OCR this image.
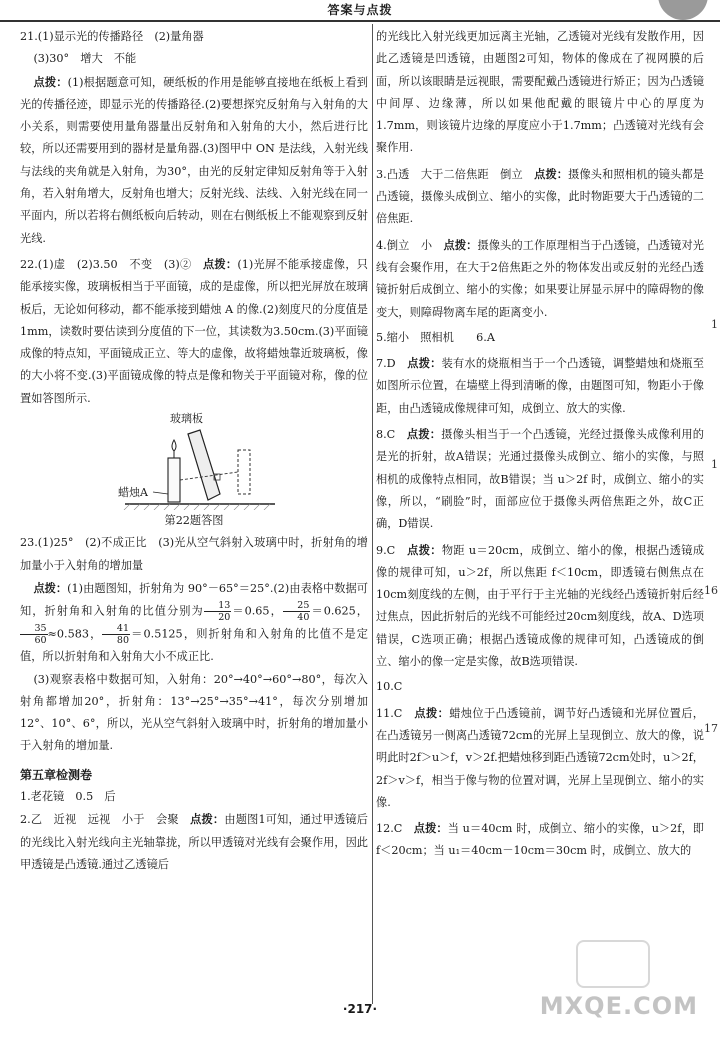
答案与点拨

21.(1)显示光的传播路径　(2)量角器

(3)30°　增大　不能

点拨：(1)根据题意可知，硬纸板的作用是能够直接地在纸板上看到光的传播径迹，即显示光的传播路径.(2)要想探究反射角与入射角的大小关系，则需要使用量角器量出反射角和入射角的大小，然后进行比较，所以还需要用到的器材是量角器.(3)图甲中 ON 是法线，入射光线与法线的夹角就是入射角，为30°，由光的反射定律知反射角等于入射角，若入射角增大，反射角也增大；反射光线、法线、入射光线在同一平面内，所以若将右侧纸板向后转动，则在右侧纸板上不能观察到反射光线.

22.(1)虚　(2)3.50　不变　(3)②　点拨：(1)光屏不能承接虚像，只能承接实像，玻璃板相当于平面镜，成的是虚像，所以把光屏放在玻璃板后，无论如何移动，都不能承接到蜡烛 A 的像.(2)刻度尺的分度值是1mm，读数时要估读到分度值的下一位，其读数为3.50cm.(3)平面镜成像的特点知，平面镜成正立、等大的虚像，故将蜡烛靠近玻璃板，像的大小将不变.(3)平面镜成像的特点是像和物关于平面镜对称，像的位置如答图所示.

玻璃板
蜡烛A

第22题答图

23.(1)25°　(2)不成正比　(3)光从空气斜射入玻璃中时，折射角的增加量小于入射角的增加量

点拨：(1)由题图知，折射角为 90°－65°＝25°.(2)由表格中数据可知，折射角和入射角的比值分别为 $\frac{13}{20} =0.65$， $\frac{25}{40} =0.625$，
$\frac{35}{60} \approx 0.583$， $\frac{41}{80} =0.5125$，则折射角和入射角的比值不是定值，所以折射角和入射角大小不成正比.

(3)观察表格中数据可知，入射角：20°→40°→60°→80°，每次入射角都增加20°，折射角：13°→25°→35°→41°，每次分别增加12°、10°、6°，所以，光从空气斜射入玻璃中时，折射角的增加量小于入射角的增加量.

第五章检测卷

1.老花镜　0.5　后

2.乙　近视　远视　小于　会聚　点拨：由题图1可知，通过甲透镜后的光线比入射光线向主光轴靠拢，所以甲透镜对光线有会聚作用，因此甲透镜是凸透镜.通过乙透镜后

的光线比入射光线更加远离主光轴，乙透镜对光线有发散作用，因此乙透镜是凹透镜，由题图2可知，物体的像成在了视网膜的后面，所以该眼睛是远视眼，需要配戴凸透镜进行矫正；因为凸透镜中间厚、边缘薄，所以如果他配戴的眼镜片中心的厚度为1.7mm，则该镜片边缘的厚度应小于1.7mm；凸透镜对光线有会聚作用.

3.凸透　大于二倍焦距　倒立　点拨：摄像头和照相机的镜头都是凸透镜，摄像头成倒立、缩小的实像，此时物距要大于凸透镜的二倍焦距.

4.倒立　小　点拨：摄像头的工作原理相当于凸透镜，凸透镜对光线有会聚作用，在大于2倍焦距之外的物体发出或反射的光经凸透镜折射后成倒立、缩小的实像；如果要让屏显示屏中的障碍物的像变大，则障碍物离车尾的距离变小.

5.缩小　照相机　　6.A

7.D　点拨：装有水的烧瓶相当于一个凸透镜，调整蜡烛和烧瓶至如图所示位置，在墙壁上得到清晰的像，由题图可知，物距小于像距，由凸透镜成像规律可知，成倒立、放大的实像.

8.C　点拨：摄像头相当于一个凸透镜，光经过摄像头成像利用的是光的折射，故A错误；光通过摄像头成倒立、缩小的实像，与照相机的成像特点相同，故B错误；当 u＞2f 时，成倒立、缩小的实像，所以，“刷脸”时，面部应位于摄像头两倍焦距之外，故C正确，D错误.

9.C　点拨：物距 u＝20cm，成倒立、缩小的像，根据凸透镜成像的规律可知，u＞2f，所以焦距 f＜10cm，即透镜右侧焦点在10cm刻度线的左侧，由于平行于主光轴的光线经凸透镜折射后经过焦点，因此折射后的光线不可能经过20cm刻度线，故A、D选项错误，C选项正确；根据凸透镜成像的规律可知，凸透镜成的倒立、缩小的像一定是实像，故B选项错误.

10.C

11.C　点拨：蜡烛位于凸透镜前，调节好凸透镜和光屏位置后，在凸透镜另一侧离凸透镜72cm的光屏上呈现倒立、放大的像，说明此时2f＞u＞f，v＞2f.把蜡烛移到距凸透镜72cm处时，u＞2f，2f＞v＞f，相当于像与物的位置对调，光屏上呈现倒立、缩小的实像.

12.C　点拨：当 u＝40cm 时，成倒立、缩小的实像，u＞2f，即 f＜20cm；当 u₁＝40cm－10cm＝30cm 时，成倒立、放大的

1
1
16
17
·217·	MXQE.COM
